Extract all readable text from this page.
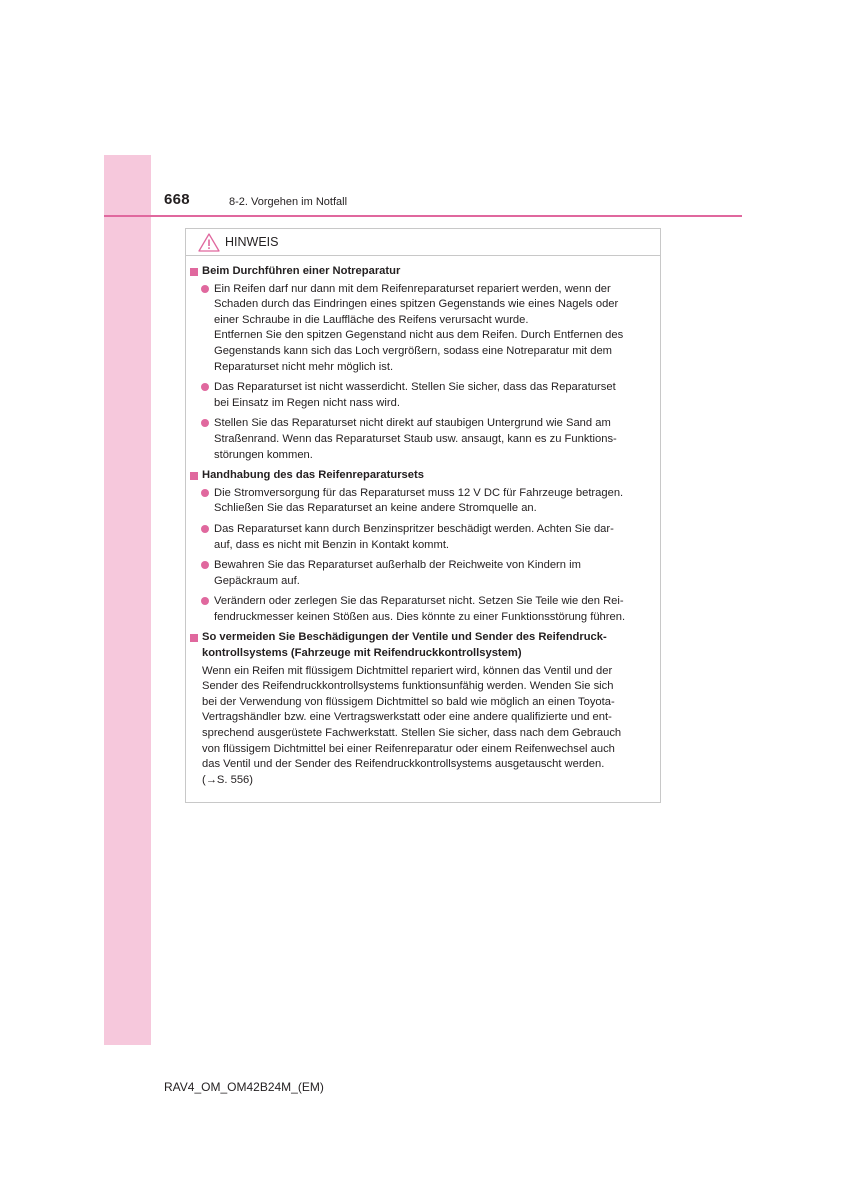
668	8-2. Vorgehen im Notfall
HINWEIS
Beim Durchführen einer Notreparatur
Ein Reifen darf nur dann mit dem Reifenreparaturset repariert werden, wenn der
Schaden durch das Eindringen eines spitzen Gegenstands wie eines Nagels oder
einer Schraube in die Lauffläche des Reifens verursacht wurde.
Entfernen Sie den spitzen Gegenstand nicht aus dem Reifen. Durch Entfernen des
Gegenstands kann sich das Loch vergrößern, sodass eine Notreparatur mit dem
Reparaturset nicht mehr möglich ist.
Das Reparaturset ist nicht wasserdicht. Stellen Sie sicher, dass das Reparaturset
bei Einsatz im Regen nicht nass wird.
Stellen Sie das Reparaturset nicht direkt auf staubigen Untergrund wie Sand am
Straßenrand. Wenn das Reparaturset Staub usw. ansaugt, kann es zu Funktions-
störungen kommen.
Handhabung des das Reifenreparatursets
Die Stromversorgung für das Reparaturset muss 12 V DC für Fahrzeuge betragen.
Schließen Sie das Reparaturset an keine andere Stromquelle an.
Das Reparaturset kann durch Benzinspritzer beschädigt werden. Achten Sie dar-
auf, dass es nicht mit Benzin in Kontakt kommt.
Bewahren Sie das Reparaturset außerhalb der Reichweite von Kindern im
Gepäckraum auf.
Verändern oder zerlegen Sie das Reparaturset nicht. Setzen Sie Teile wie den Rei-
fendruckmesser keinen Stößen aus. Dies könnte zu einer Funktionsstörung führen.
So vermeiden Sie Beschädigungen der Ventile und Sender des Reifendruck-
kontrollsystems (Fahrzeuge mit Reifendruckkontrollsystem)
Wenn ein Reifen mit flüssigem Dichtmittel repariert wird, können das Ventil und der
Sender des Reifendruckkontrollsystems funktionsunfähig werden. Wenden Sie sich
bei der Verwendung von flüssigem Dichtmittel so bald wie möglich an einen Toyota-
Vertragshändler bzw. eine Vertragswerkstatt oder eine andere qualifizierte und ent-
sprechend ausgerüstete Fachwerkstatt. Stellen Sie sicher, dass nach dem Gebrauch
von flüssigem Dichtmittel bei einer Reifenreparatur oder einem Reifenwechsel auch
das Ventil und der Sender des Reifendruckkontrollsystems ausgetauscht werden.
(→S. 556)
RAV4_OM_OM42B24M_(EM)
